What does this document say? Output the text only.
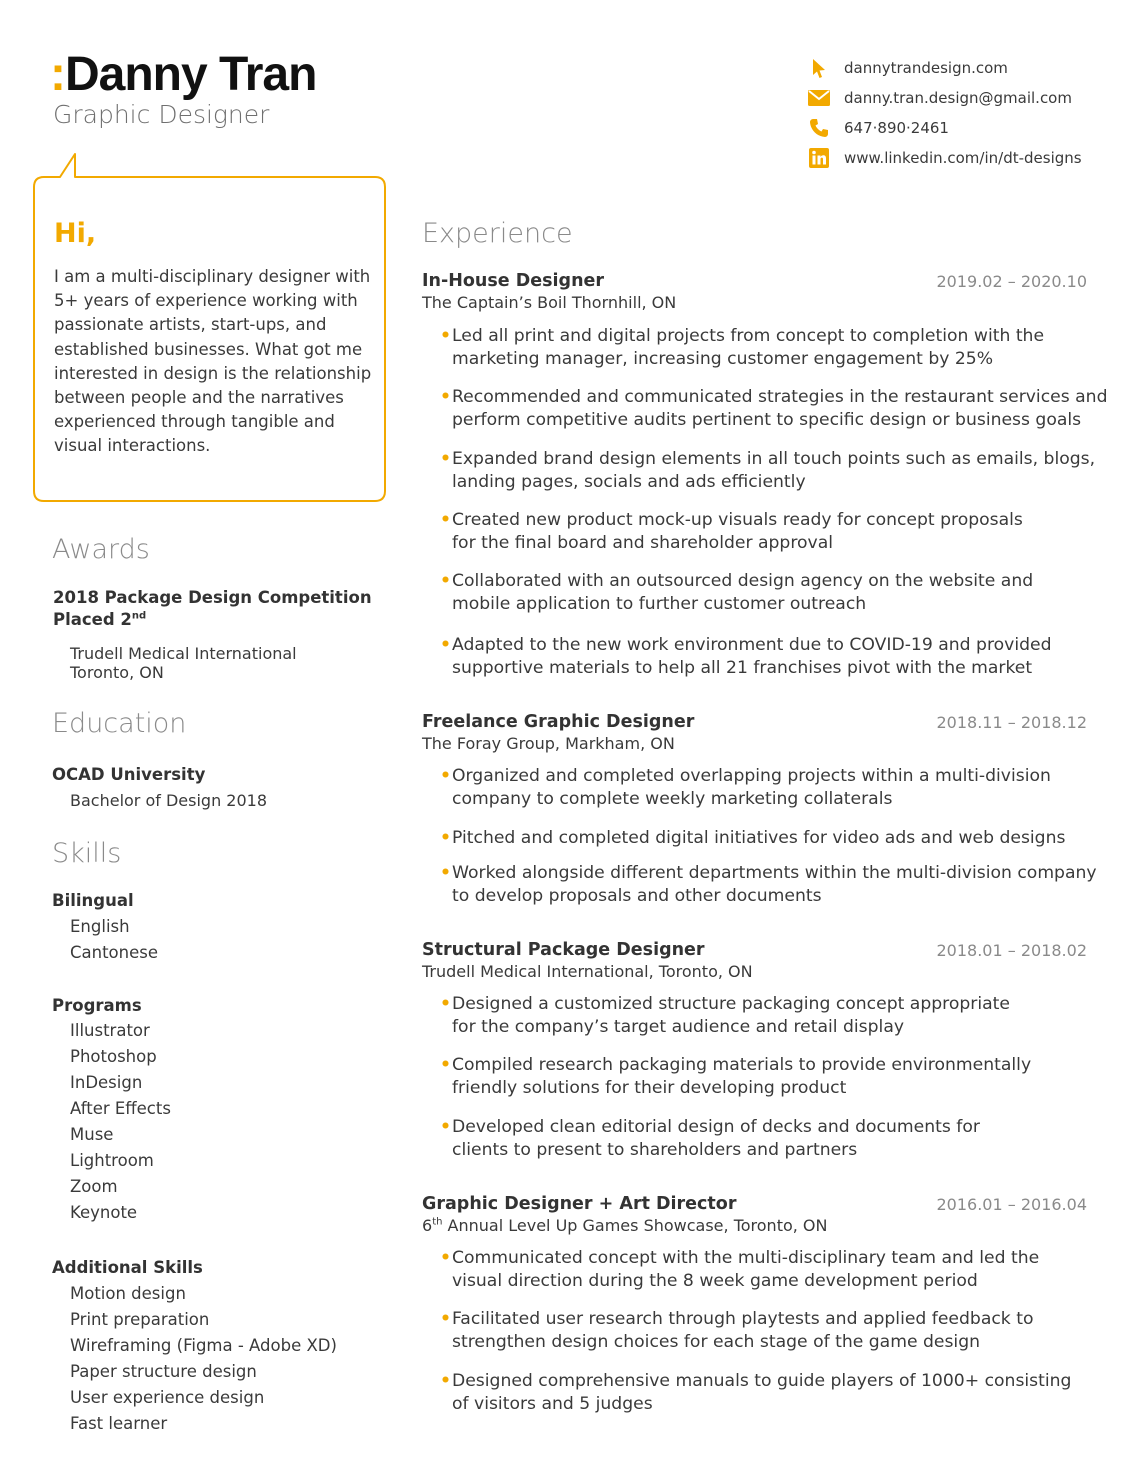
:Danny Tran
Graphic Designer
dannytrandesign.com
danny.tran.design@gmail.com
647·890·2461
www.linkedin.com/in/dt-designs
Hi,
I am a multi-disciplinary designer with 5+ years of experience working with passionate artists, start-ups, and established businesses. What got me interested in design is the relationship between people and the narratives experienced through tangible and visual interactions.
Awards
2018 Package Design Competition
Placed 2nd
Trudell Medical International
Toronto, ON
Education
OCAD University
Bachelor of Design 2018
Skills
Bilingual
English
Cantonese
Programs
Illustrator
Photoshop
InDesign
After Effects
Muse
Lightroom
Zoom
Keynote
Additional Skills
Motion design
Print preparation
Wireframing (Figma - Adobe XD)
Paper structure design
User experience design
Fast learner
Experience
In-House Designer	2019.02 – 2020.10
The Captain’s Boil Thornhill, ON
• Led all print and digital projects from concept to completion with the
marketing manager, increasing customer engagement by 25%
• Recommended and communicated strategies in the restaurant services and
perform competitive audits pertinent to specific design or business goals
• Expanded brand design elements in all touch points such as emails, blogs,
landing pages, socials and ads efficiently
• Created new product mock-up visuals ready for concept proposals
for the final board and shareholder approval
• Collaborated with an outsourced design agency on the website and
mobile application to further customer outreach
• Adapted to the new work environment due to COVID-19 and provided
supportive materials to help all 21 franchises pivot with the market
Freelance Graphic Designer	2018.11 – 2018.12
The Foray Group, Markham, ON
• Organized and completed overlapping projects within a multi-division
company to complete weekly marketing collaterals
• Pitched and completed digital initiatives for video ads and web designs
• Worked alongside different departments within the multi-division company
to develop proposals and other documents
Structural Package Designer	2018.01 – 2018.02
Trudell Medical International, Toronto, ON
• Designed a customized structure packaging concept appropriate
for the company’s target audience and retail display
• Compiled research packaging materials to provide environmentally
friendly solutions for their developing product
• Developed clean editorial design of decks and documents for
clients to present to shareholders and partners
Graphic Designer + Art Director	2016.01 – 2016.04
6th Annual Level Up Games Showcase, Toronto, ON
• Communicated concept with the multi-disciplinary team and led the
visual direction during the 8 week game development period
• Facilitated user research through playtests and applied feedback to
strengthen design choices for each stage of the game design
• Designed comprehensive manuals to guide players of 1000+ consisting
of visitors and 5 judges
